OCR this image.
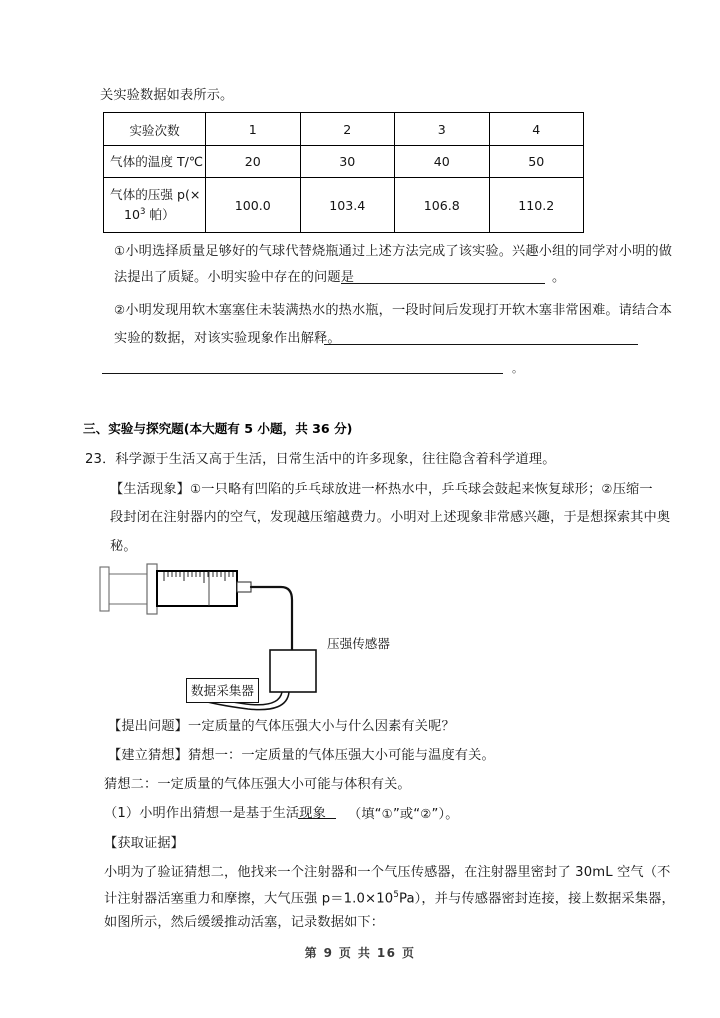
关实验数据如表所示。
实验次数	1	2	3	4
气体的温度 T/℃	20	30	40	50
气体的压强 p(×
$10^3$ 帕）	100.0	103.4	106.8	110.2
①小明选择质量足够好的气球代替烧瓶通过上述方法完成了该实验。兴趣小组的同学对小明的做
法提出了质疑。小明实验中存在的问题是	。
②小明发现用软木塞塞住未装满热水的热水瓶，一段时间后发现打开软木塞非常困难。请结合本
实验的数据，对该实验现象作出解释。
。
三、实验与探究题(本大题有 5 小题，共 36 分)
23．科学源于生活又高于生活，日常生活中的许多现象，往往隐含着科学道理。
【生活现象】①一只略有凹陷的乒乓球放进一杯热水中，乒乓球会鼓起来恢复球形；②压缩一
段封闭在注射器内的空气，发现越压缩越费力。小明对上述现象非常感兴趣，于是想探索其中奥
秘。
压强传感器
数据采集器
【提出问题】一定质量的气体压强大小与什么因素有关呢？
【建立猜想】猜想一：一定质量的气体压强大小可能与温度有关。
猜想二：一定质量的气体压强大小可能与体积有关。
（1）小明作出猜想一是基于生活现象 （填“①”或“②”）。
【获取证据】
小明为了验证猜想二，他找来一个注射器和一个气压传感器，在注射器里密封了 30mL 空气（不
计注射器活塞重力和摩擦，大气压强 $p=1.0\times 10^5Pa$），并与传感器密封连接，接上数据采集器，
如图所示，然后缓缓推动活塞，记录数据如下：
第 9 页 共 16 页
